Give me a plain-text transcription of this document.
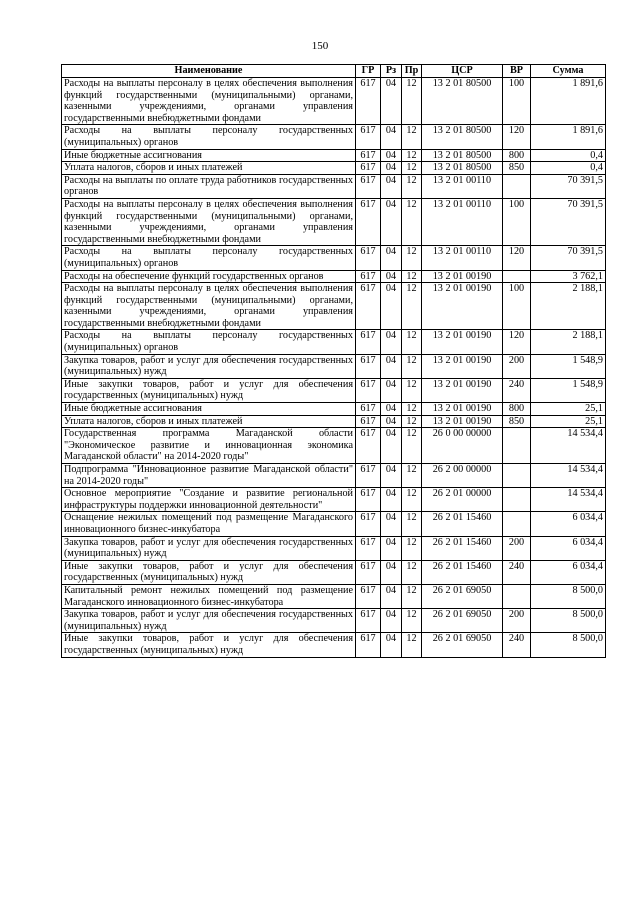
150
Наименование	ГР	Рз	Пр	ЦСР	ВР	Сумма
Расходы на выплаты персоналу в целях обеспечения выполнения функций государственными (муниципальными) органами, казенными учреждениями, органами управления государственными внебюджетными фондами	617	04	12	13 2 01 80500	100	1 891,6
Расходы на выплаты персоналу государственных (муниципальных) органов	617	04	12	13 2 01 80500	120	1 891,6
Иные бюджетные ассигнования	617	04	12	13 2 01 80500	800	0,4
Уплата налогов, сборов и иных платежей	617	04	12	13 2 01 80500	850	0,4
Расходы на выплаты по оплате труда работников государственных органов	617	04	12	13 2 01 00110		70 391,5
Расходы на выплаты персоналу в целях обеспечения выполнения функций государственными (муниципальными) органами, казенными учреждениями, органами управления государственными внебюджетными фондами	617	04	12	13 2 01 00110	100	70 391,5
Расходы на выплаты персоналу государственных (муниципальных) органов	617	04	12	13 2 01 00110	120	70 391,5
Расходы на обеспечение функций государственных органов	617	04	12	13 2 01 00190		3 762,1
Расходы на выплаты персоналу в целях обеспечения выполнения функций государственными (муниципальными) органами, казенными учреждениями, органами управления государственными внебюджетными фондами	617	04	12	13 2 01 00190	100	2 188,1
Расходы на выплаты персоналу государственных (муниципальных) органов	617	04	12	13 2 01 00190	120	2 188,1
Закупка товаров, работ и услуг для обеспечения государственных (муниципальных) нужд	617	04	12	13 2 01 00190	200	1 548,9
Иные закупки товаров, работ и услуг для обеспечения государственных (муниципальных) нужд	617	04	12	13 2 01 00190	240	1 548,9
Иные бюджетные ассигнования	617	04	12	13 2 01 00190	800	25,1
Уплата налогов, сборов и иных платежей	617	04	12	13 2 01 00190	850	25,1
Государственная программа Магаданской области "Экономическое развитие и инновационная экономика Магаданской области" на 2014-2020 годы"	617	04	12	26 0 00 00000		14 534,4
Подпрограмма "Инновационное развитие Магаданской области" на 2014-2020 годы"	617	04	12	26 2 00 00000		14 534,4
Основное мероприятие "Создание и развитие региональной инфраструктуры поддержки инновационной деятельности"	617	04	12	26 2 01 00000		14 534,4
Оснащение нежилых помещений под размещение Магаданского инновационного бизнес-инкубатора	617	04	12	26 2 01 15460		6 034,4
Закупка товаров, работ и услуг для обеспечения государственных (муниципальных) нужд	617	04	12	26 2 01 15460	200	6 034,4
Иные закупки товаров, работ и услуг для обеспечения государственных (муниципальных) нужд	617	04	12	26 2 01 15460	240	6 034,4
Капитальный ремонт нежилых помещений под размещение Магаданского инновационного бизнес-инкубатора	617	04	12	26 2 01 69050		8 500,0
Закупка товаров, работ и услуг для обеспечения государственных (муниципальных) нужд	617	04	12	26 2 01 69050	200	8 500,0
Иные закупки товаров, работ и услуг для обеспечения государственных (муниципальных) нужд	617	04	12	26 2 01 69050	240	8 500,0
